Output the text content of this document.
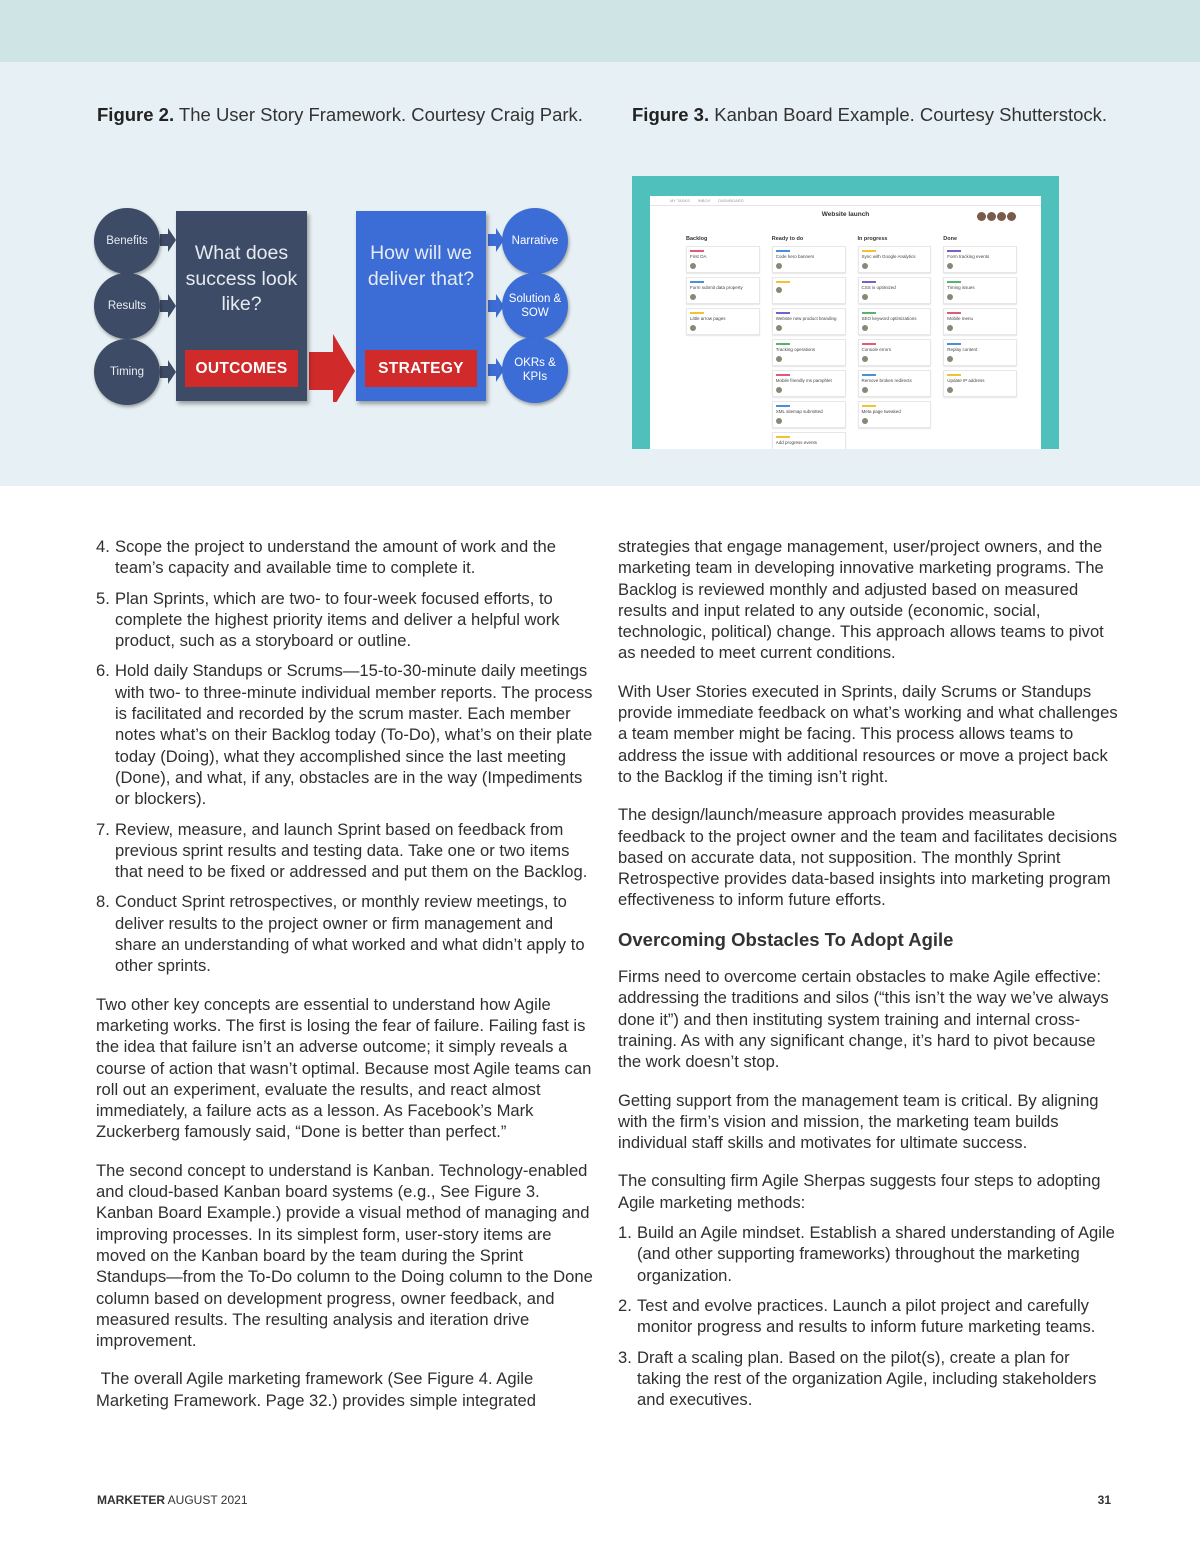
Figure 2. The User Story Framework. Courtesy Craig Park.	Figure 3. Kanban Board Example. Courtesy Shutterstock.
Benefits
Results
Timing
What does success look like?
OUTCOMES
How will we deliver that?
STRATEGY
Narrative
Solution & SOW
OKRs & KPIs
MY TASKS INBOX DASHBOARD
Website launch
Backlog
First OA
Form submit data property
Little arrow pages
Ready to do
Code hero banners
Website new product branding
Tracking operations
Mobile friendly ms pamphlet
XML sitemap submitted
Add progress events
In progress
Sync with Google Analytics
CSS is optimized
SEO keyword optimizations
Console errors
Remove broken redirects
Meta page tweaked
Done
Form tracking events
Timing issues
Mobile menu
Replay content
Update IP address
4. Scope the project to understand the amount of work and the team’s capacity and available time to complete it.
5. Plan Sprints, which are two- to four-week focused efforts, to complete the highest priority items and deliver a helpful work product, such as a storyboard or outline.
6. Hold daily Standups or Scrums—15-to-30-minute daily meetings with two- to three-minute individual member reports. The process is facilitated and recorded by the scrum master. Each member notes what’s on their Backlog today (To-Do), what’s on their plate today (Doing), what they accomplished since the last meeting (Done), and what, if any, obstacles are in the way (Impediments or blockers).
7. Review, measure, and launch Sprint based on feedback from previous sprint results and testing data. Take one or two items that need to be fixed or addressed and put them on the Backlog.
8. Conduct Sprint retrospectives, or monthly review meetings, to deliver results to the project owner or firm management and share an understanding of what worked and what didn’t apply to other sprints.

Two other key concepts are essential to understand how Agile marketing works. The first is losing the fear of failure. Failing fast is the idea that failure isn’t an adverse outcome; it simply reveals a course of action that wasn’t optimal. Because most Agile teams can roll out an experiment, evaluate the results, and react almost immediately, a failure acts as a lesson. As Facebook’s Mark Zuckerberg famously said, “Done is better than perfect.”

The second concept to understand is Kanban. Technology-enabled and cloud-based Kanban board systems (e.g., See Figure 3. Kanban Board Example.) provide a visual method of managing and improving processes. In its simplest form, user-story items are moved on the Kanban board by the team during the Sprint Standups—from the To-Do column to the Doing column to the Done column based on development progress, owner feedback, and measured results. The resulting analysis and iteration drive improvement.

The overall Agile marketing framework (See Figure 4. Agile Marketing Framework. Page 32.) provides simple integrated

strategies that engage management, user/project owners, and the marketing team in developing innovative marketing programs. The Backlog is reviewed monthly and adjusted based on measured results and input related to any outside (economic, social, technologic, political) change. This approach allows teams to pivot as needed to meet current conditions.

With User Stories executed in Sprints, daily Scrums or Standups provide immediate feedback on what’s working and what challenges a team member might be facing. This process allows teams to address the issue with additional resources or move a project back to the Backlog if the timing isn’t right.

The design/launch/measure approach provides measurable feedback to the project owner and the team and facilitates decisions based on accurate data, not supposition. The monthly Sprint Retrospective provides data-based insights into marketing program effectiveness to inform future efforts.

Overcoming Obstacles To Adopt Agile

Firms need to overcome certain obstacles to make Agile effective: addressing the traditions and silos (“this isn’t the way we’ve always done it”) and then instituting system training and internal cross-training. As with any significant change, it’s hard to pivot because the work doesn’t stop.

Getting support from the management team is critical. By aligning with the firm’s vision and mission, the marketing team builds individual staff skills and motivates for ultimate success.

The consulting firm Agile Sherpas suggests four steps to adopting Agile marketing methods:

1. Build an Agile mindset. Establish a shared understanding of Agile (and other supporting frameworks) throughout the marketing organization.
2. Test and evolve practices. Launch a pilot project and carefully monitor progress and results to inform future marketing teams.
3. Draft a scaling plan. Based on the pilot(s), create a plan for taking the rest of the organization Agile, including stakeholders and executives.
MARKETER AUGUST 2021	31
